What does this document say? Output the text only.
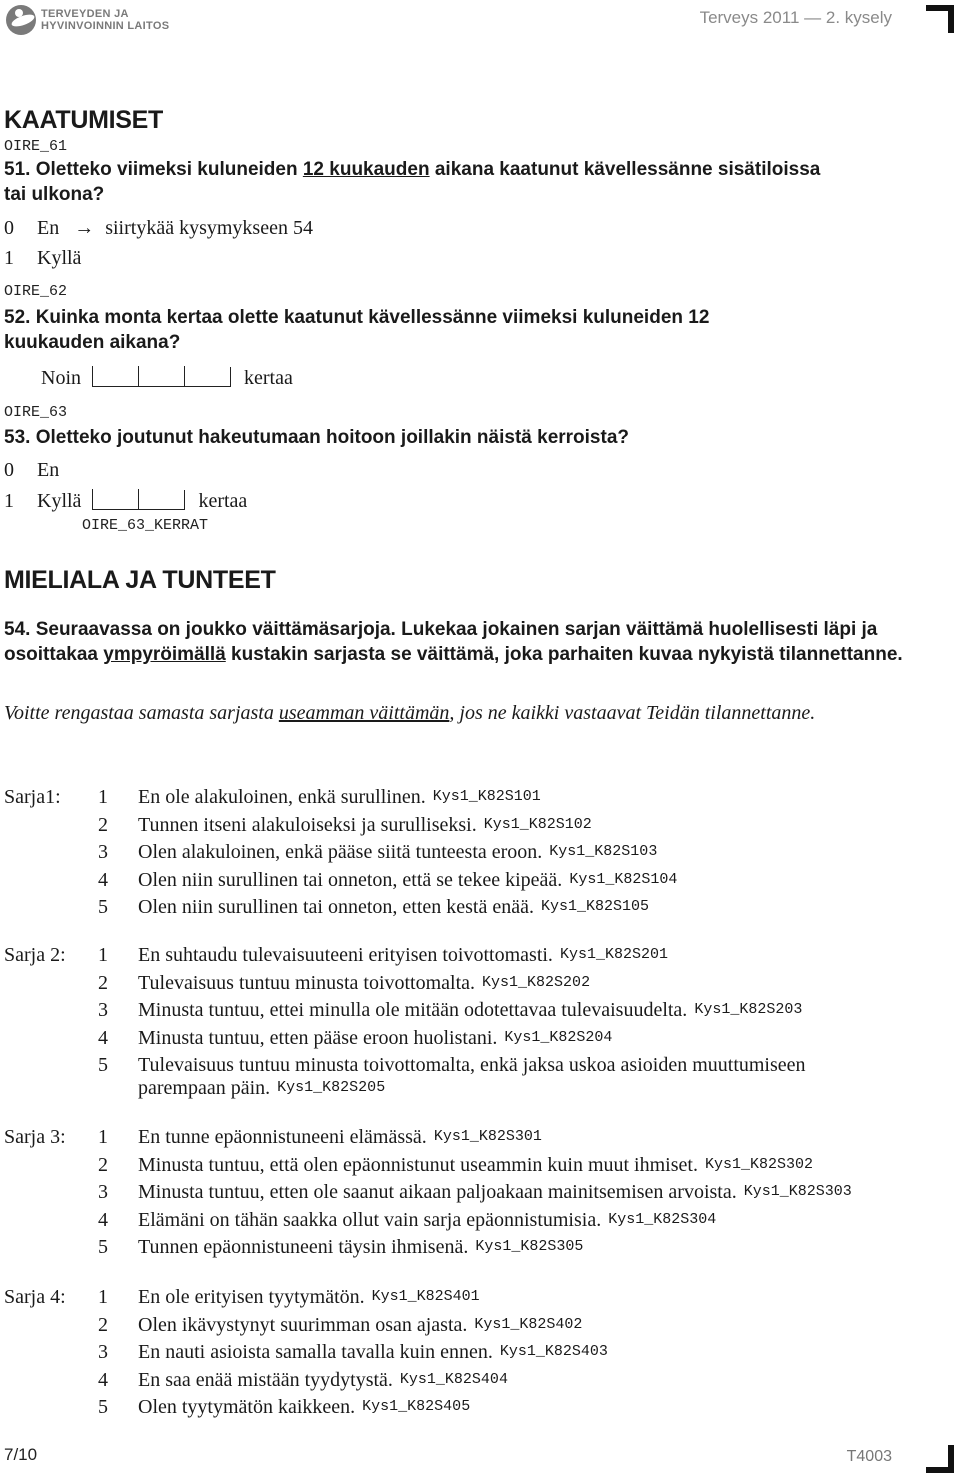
TERVEYDEN JA
HYVINVOINNIN LAITOS	Terveys 2011 — 2. kysely
KAATUMISET
OIRE_61
51. Oletteko viimeksi kuluneiden 12 kuukauden aikana kaatunut kävellessänne sisätiloissa tai ulkona?
0 En → siirtykää kysymykseen 54
1 Kyllä
OIRE_62
52. Kuinka monta kertaa olette kaatunut kävellessänne viimeksi kuluneiden 12 kuukauden aikana?
Noin	kertaa
OIRE_63
53. Oletteko joutunut hakeutumaan hoitoon joillakin näistä kerroista?
0 En
1 Kyllä	kertaa
OIRE_63_KERRAT
MIELIALA JA TUNTEET
54. Seuraavassa on joukko väittämäsarjoja. Lukekaa jokainen sarjan väittämä huolellisesti läpi ja osoittakaa ympyröimällä kustakin sarjasta se väittämä, joka parhaiten kuvaa nykyistä tilannettanne.
Voitte rengastaa samasta sarjasta useamman väittämän, jos ne kaikki vastaavat Teidän tilannettanne.
Sarja1: 1 En ole alakuloinen, enkä surullinen. Kys1_K82S101
2 Tunnen itseni alakuloiseksi ja surulliseksi. Kys1_K82S102
3 Olen alakuloinen, enkä pääse siitä tunteesta eroon. Kys1_K82S103
4 Olen niin surullinen tai onneton, että se tekee kipeää. Kys1_K82S104
5 Olen niin surullinen tai onneton, etten kestä enää. Kys1_K82S105
Sarja 2: 1 En suhtaudu tulevaisuuteeni erityisen toivottomasti. Kys1_K82S201
2 Tulevaisuus tuntuu minusta toivottomalta. Kys1_K82S202
3 Minusta tuntuu, ettei minulla ole mitään odotettavaa tulevaisuudelta. Kys1_K82S203
4 Minusta tuntuu, etten pääse eroon huolistani. Kys1_K82S204
5 Tulevaisuus tuntuu minusta toivottomalta, enkä jaksa uskoa asioiden muuttumiseen
parempaan päin. Kys1_K82S205
Sarja 3: 1 En tunne epäonnistuneeni elämässä. Kys1_K82S301
2 Minusta tuntuu, että olen epäonnistunut useammin kuin muut ihmiset. Kys1_K82S302
3 Minusta tuntuu, etten ole saanut aikaan paljoakaan mainitsemisen arvoista. Kys1_K82S303
4 Elämäni on tähän saakka ollut vain sarja epäonnistumisia. Kys1_K82S304
5 Tunnen epäonnistuneeni täysin ihmisenä. Kys1_K82S305
Sarja 4: 1 En ole erityisen tyytymätön. Kys1_K82S401
2 Olen ikävystynyt suurimman osan ajasta. Kys1_K82S402
3 En nauti asioista samalla tavalla kuin ennen. Kys1_K82S403
4 En saa enää mistään tyydytystä. Kys1_K82S404
5 Olen tyytymätön kaikkeen. Kys1_K82S405
7/10	T4003
